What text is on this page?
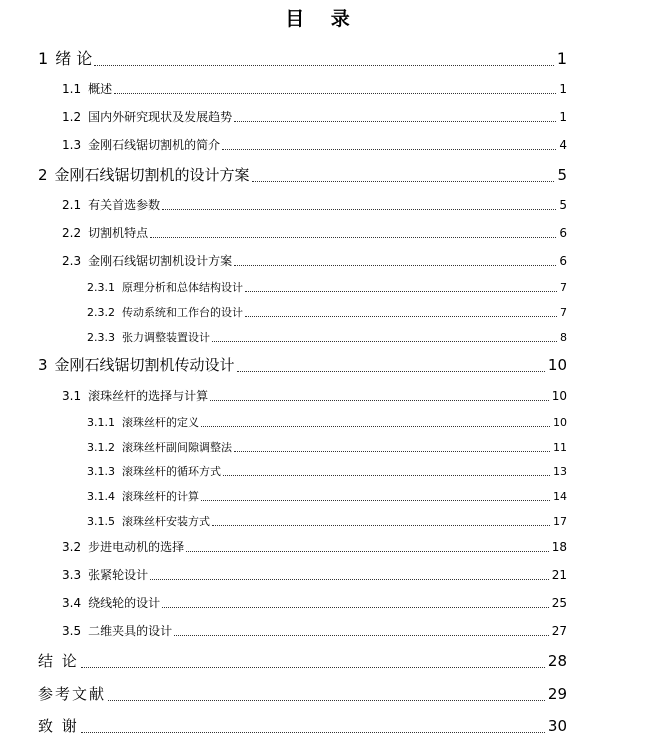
目 录
1 绪 论	1
1.1 概述	1
1.2 国内外研究现状及发展趋势	1
1.3 金刚石线锯切割机的简介	4
2 金刚石线锯切割机的设计方案	5
2.1 有关首选参数	5
2.2 切割机特点	6
2.3 金刚石线锯切割机设计方案	6
2.3.1 原理分析和总体结构设计	7
2.3.2 传动系统和工作台的设计	7
2.3.3 张力调整装置设计	8
3 金刚石线锯切割机传动设计	10
3.1 滚珠丝杆的选择与计算	10
3.1.1 滚珠丝杆的定义	10
3.1.2 滚珠丝杆副间隙调整法	11
3.1.3 滚珠丝杆的循环方式	13
3.1.4 滚珠丝杆的计算	14
3.1.5 滚珠丝杆安装方式	17
3.2 步进电动机的选择	18
3.3 张紧轮设计	21
3.4 绕线轮的设计	25
3.5 二维夹具的设计	27
结 论	28
参考文献	29
致 谢	30
